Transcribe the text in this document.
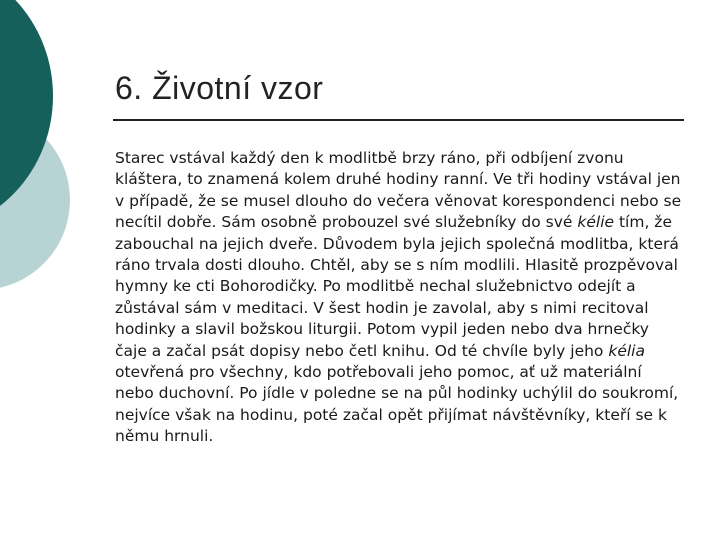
6. Životní vzor

Starec vstával každý den k modlitbě brzy ráno, při odbíjení zvonu kláštera, to znamená kolem druhé hodiny ranní. Ve tři hodiny vstával jen v případě, že se musel dlouho do večera věnovat korespondenci nebo se necítil dobře. Sám osobně probouzel své služebníky do své kélie tím, že zabouchal na jejich dveře. Důvodem byla jejich společná modlitba, která ráno trvala dosti dlouho. Chtěl, aby se s ním modlili. Hlasitě prozpěvoval hymny ke cti Bohorodičky. Po modlitbě nechal služebnictvo odejít a zůstával sám v meditaci. V šest hodin je zavolal, aby s nimi recitoval hodinky a slavil božskou liturgii. Potom vypil jeden nebo dva hrnečky čaje a začal psát dopisy nebo četl knihu. Od té chvíle byly jeho kélia otevřená pro všechny, kdo potřebovali jeho pomoc, ať už materiální nebo duchovní. Po jídle v poledne se na půl hodinky uchýlil do soukromí, nejvíce však na hodinu, poté začal opět přijímat návštěvníky, kteří se k němu hrnuli.
